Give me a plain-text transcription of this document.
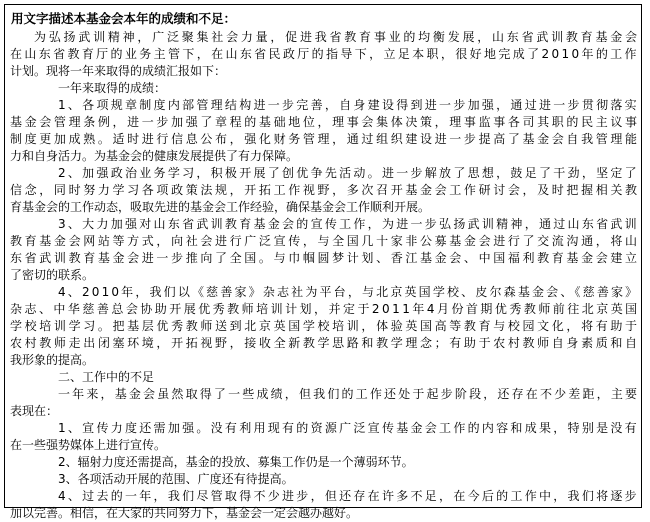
用文字描述本基金会本年的成绩和不足：
为弘扬武训精神，广泛聚集社会力量，促进我省教育事业的均衡发展，山东省武训教育基金会
在山东省教育厅的业务主管下，在山东省民政厅的指导下，立足本职，很好地完成了2010年的工作
计划。现将一年来取得的成绩汇报如下：
一年来取得的成绩：
1、各项规章制度内部管理结构进一步完善，自身建设得到进一步加强，通过进一步贯彻落实
基金会管理条例，进一步加强了章程的基础地位，理事会集体决策，理事监事各司其职的民主议事
制度更加成熟。适时进行信息公布，强化财务管理，通过组织建设进一步提高了基金会自我管理能
力和自身活力。为基金会的健康发展提供了有力保障。
2、加强政治业务学习，积极开展了创优争先活动。进一步解放了思想，鼓足了干劲，坚定了
信念，同时努力学习各项政策法规，开拓工作视野，多次召开基金会工作研讨会，及时把握相关教
育基金会的工作动态，吸取先进的基金会工作经验，确保基金会工作顺利开展。
3、大力加强对山东省武训教育基金会的宣传工作，为进一步弘扬武训精神，通过山东省武训
教育基金会网站等方式，向社会进行广泛宣传，与全国几十家非公募基金会进行了交流沟通，将山
东省武训教育基金会进一步推向了全国。与巾帼圆梦计划、香江基金会、中国福利教育基金会建立
了密切的联系。
4、2010年，我们以《慈善家》杂志社为平台，与北京英国学校、皮尔森基金会、《慈善家》
杂志、中华慈善总会协助开展优秀教师培训计划，并定于2011年4月份首期优秀教师前往北京英国
学校培训学习。把基层优秀教师送到北京英国学校培训，体验英国高等教育与校园文化，将有助于
农村教师走出闭塞环境，开拓视野，接收全新教学思路和教学理念；有助于农村教师自身素质和自
我形象的提高。
二、工作中的不足
一年来，基金会虽然取得了一些成绩，但我们的工作还处于起步阶段，还存在不少差距，主要
表现在：
1、宣传力度还需加强。没有利用现有的资源广泛宣传基金会工作的内容和成果，特别是没有
在一些强势媒体上进行宣传。
2、辐射力度还需提高，基金的投放、募集工作仍是一个薄弱环节。
3、各项活动开展的范围、广度还有待提高。
4、过去的一年，我们尽管取得不少进步，但还存在许多不足，在今后的工作中，我们将逐步
加以完善。相信，在大家的共同努力下，基金会一定会越办越好。
